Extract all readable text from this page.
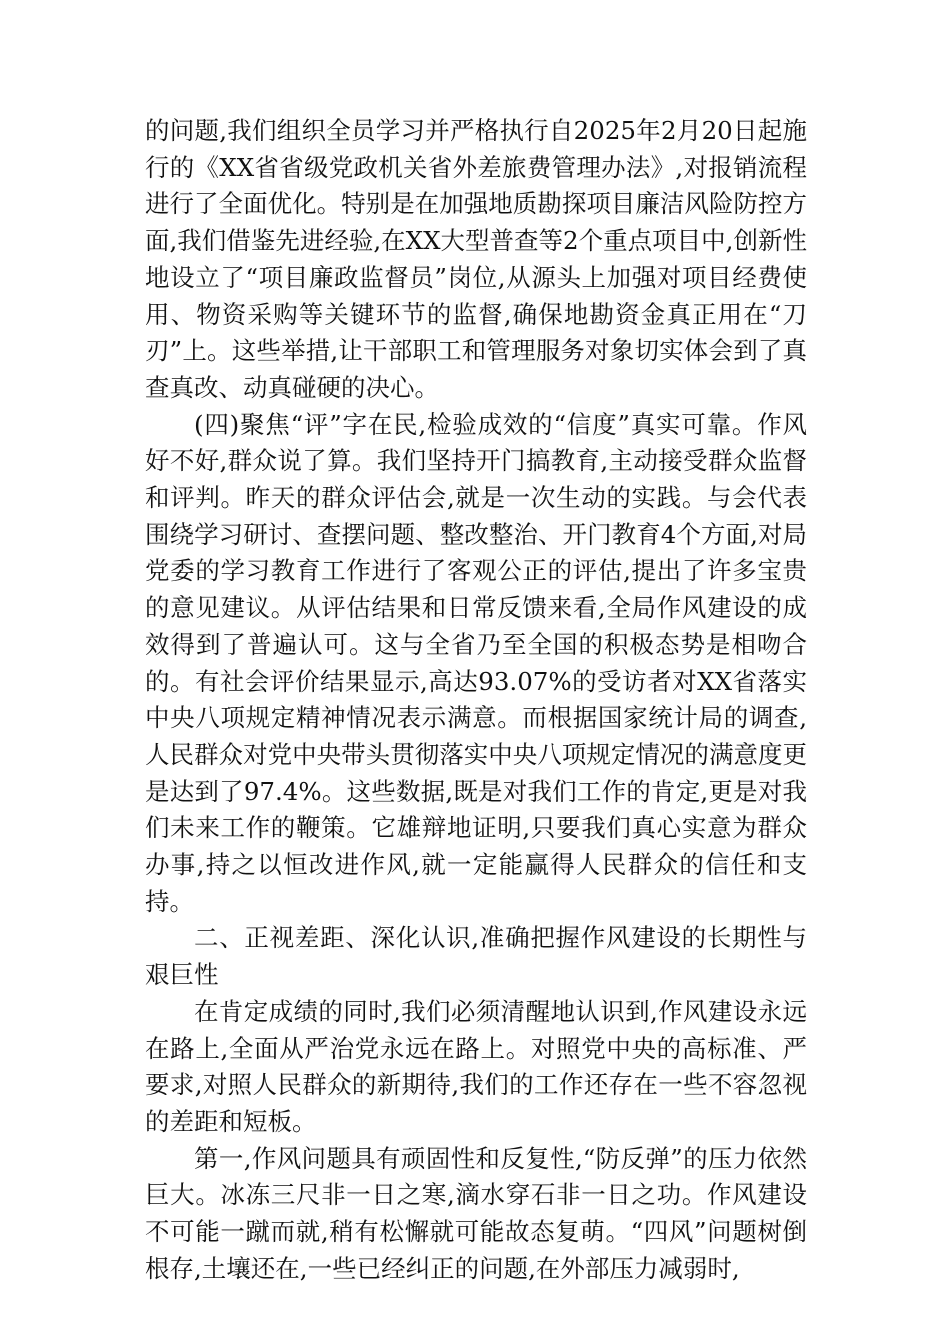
的问题,我们组织全员学习并严格执行自2025年2月20日起施行的《XX省省级党政机关省外差旅费管理办法》,对报销流程进行了全面优化。特别是在加强地质勘探项目廉洁风险防控方面,我们借鉴先进经验,在XX大型普查等2个重点项目中,创新性地设立了“项目廉政监督员”岗位,从源头上加强对项目经费使用、物资采购等关键环节的监督,确保地勘资金真正用在“刀刃”上。这些举措,让干部职工和管理服务对象切实体会到了真查真改、动真碰硬的决心。

(四)聚焦“评”字在民,检验成效的“信度”真实可靠。作风好不好,群众说了算。我们坚持开门搞教育,主动接受群众监督和评判。昨天的群众评估会,就是一次生动的实践。与会代表围绕学习研讨、查摆问题、整改整治、开门教育4个方面,对局党委的学习教育工作进行了客观公正的评估,提出了许多宝贵的意见建议。从评估结果和日常反馈来看,全局作风建设的成效得到了普遍认可。这与全省乃至全国的积极态势是相吻合的。有社会评价结果显示,高达93.07%的受访者对XX省落实中央八项规定精神情况表示满意。而根据国家统计局的调查,人民群众对党中央带头贯彻落实中央八项规定情况的满意度更是达到了97.4%。这些数据,既是对我们工作的肯定,更是对我们未来工作的鞭策。它雄辩地证明,只要我们真心实意为群众办事,持之以恒改进作风,就一定能赢得人民群众的信任和支持。

二、正视差距、深化认识,准确把握作风建设的长期性与艰巨性

在肯定成绩的同时,我们必须清醒地认识到,作风建设永远在路上,全面从严治党永远在路上。对照党中央的高标准、严要求,对照人民群众的新期待,我们的工作还存在一些不容忽视的差距和短板。

第一,作风问题具有顽固性和反复性,“防反弹”的压力依然巨大。冰冻三尺非一日之寒,滴水穿石非一日之功。作风建设不可能一蹴而就,稍有松懈就可能故态复萌。“四风”问题树倒根存,土壤还在,一些已经纠正的问题,在外部压力减弱时,
